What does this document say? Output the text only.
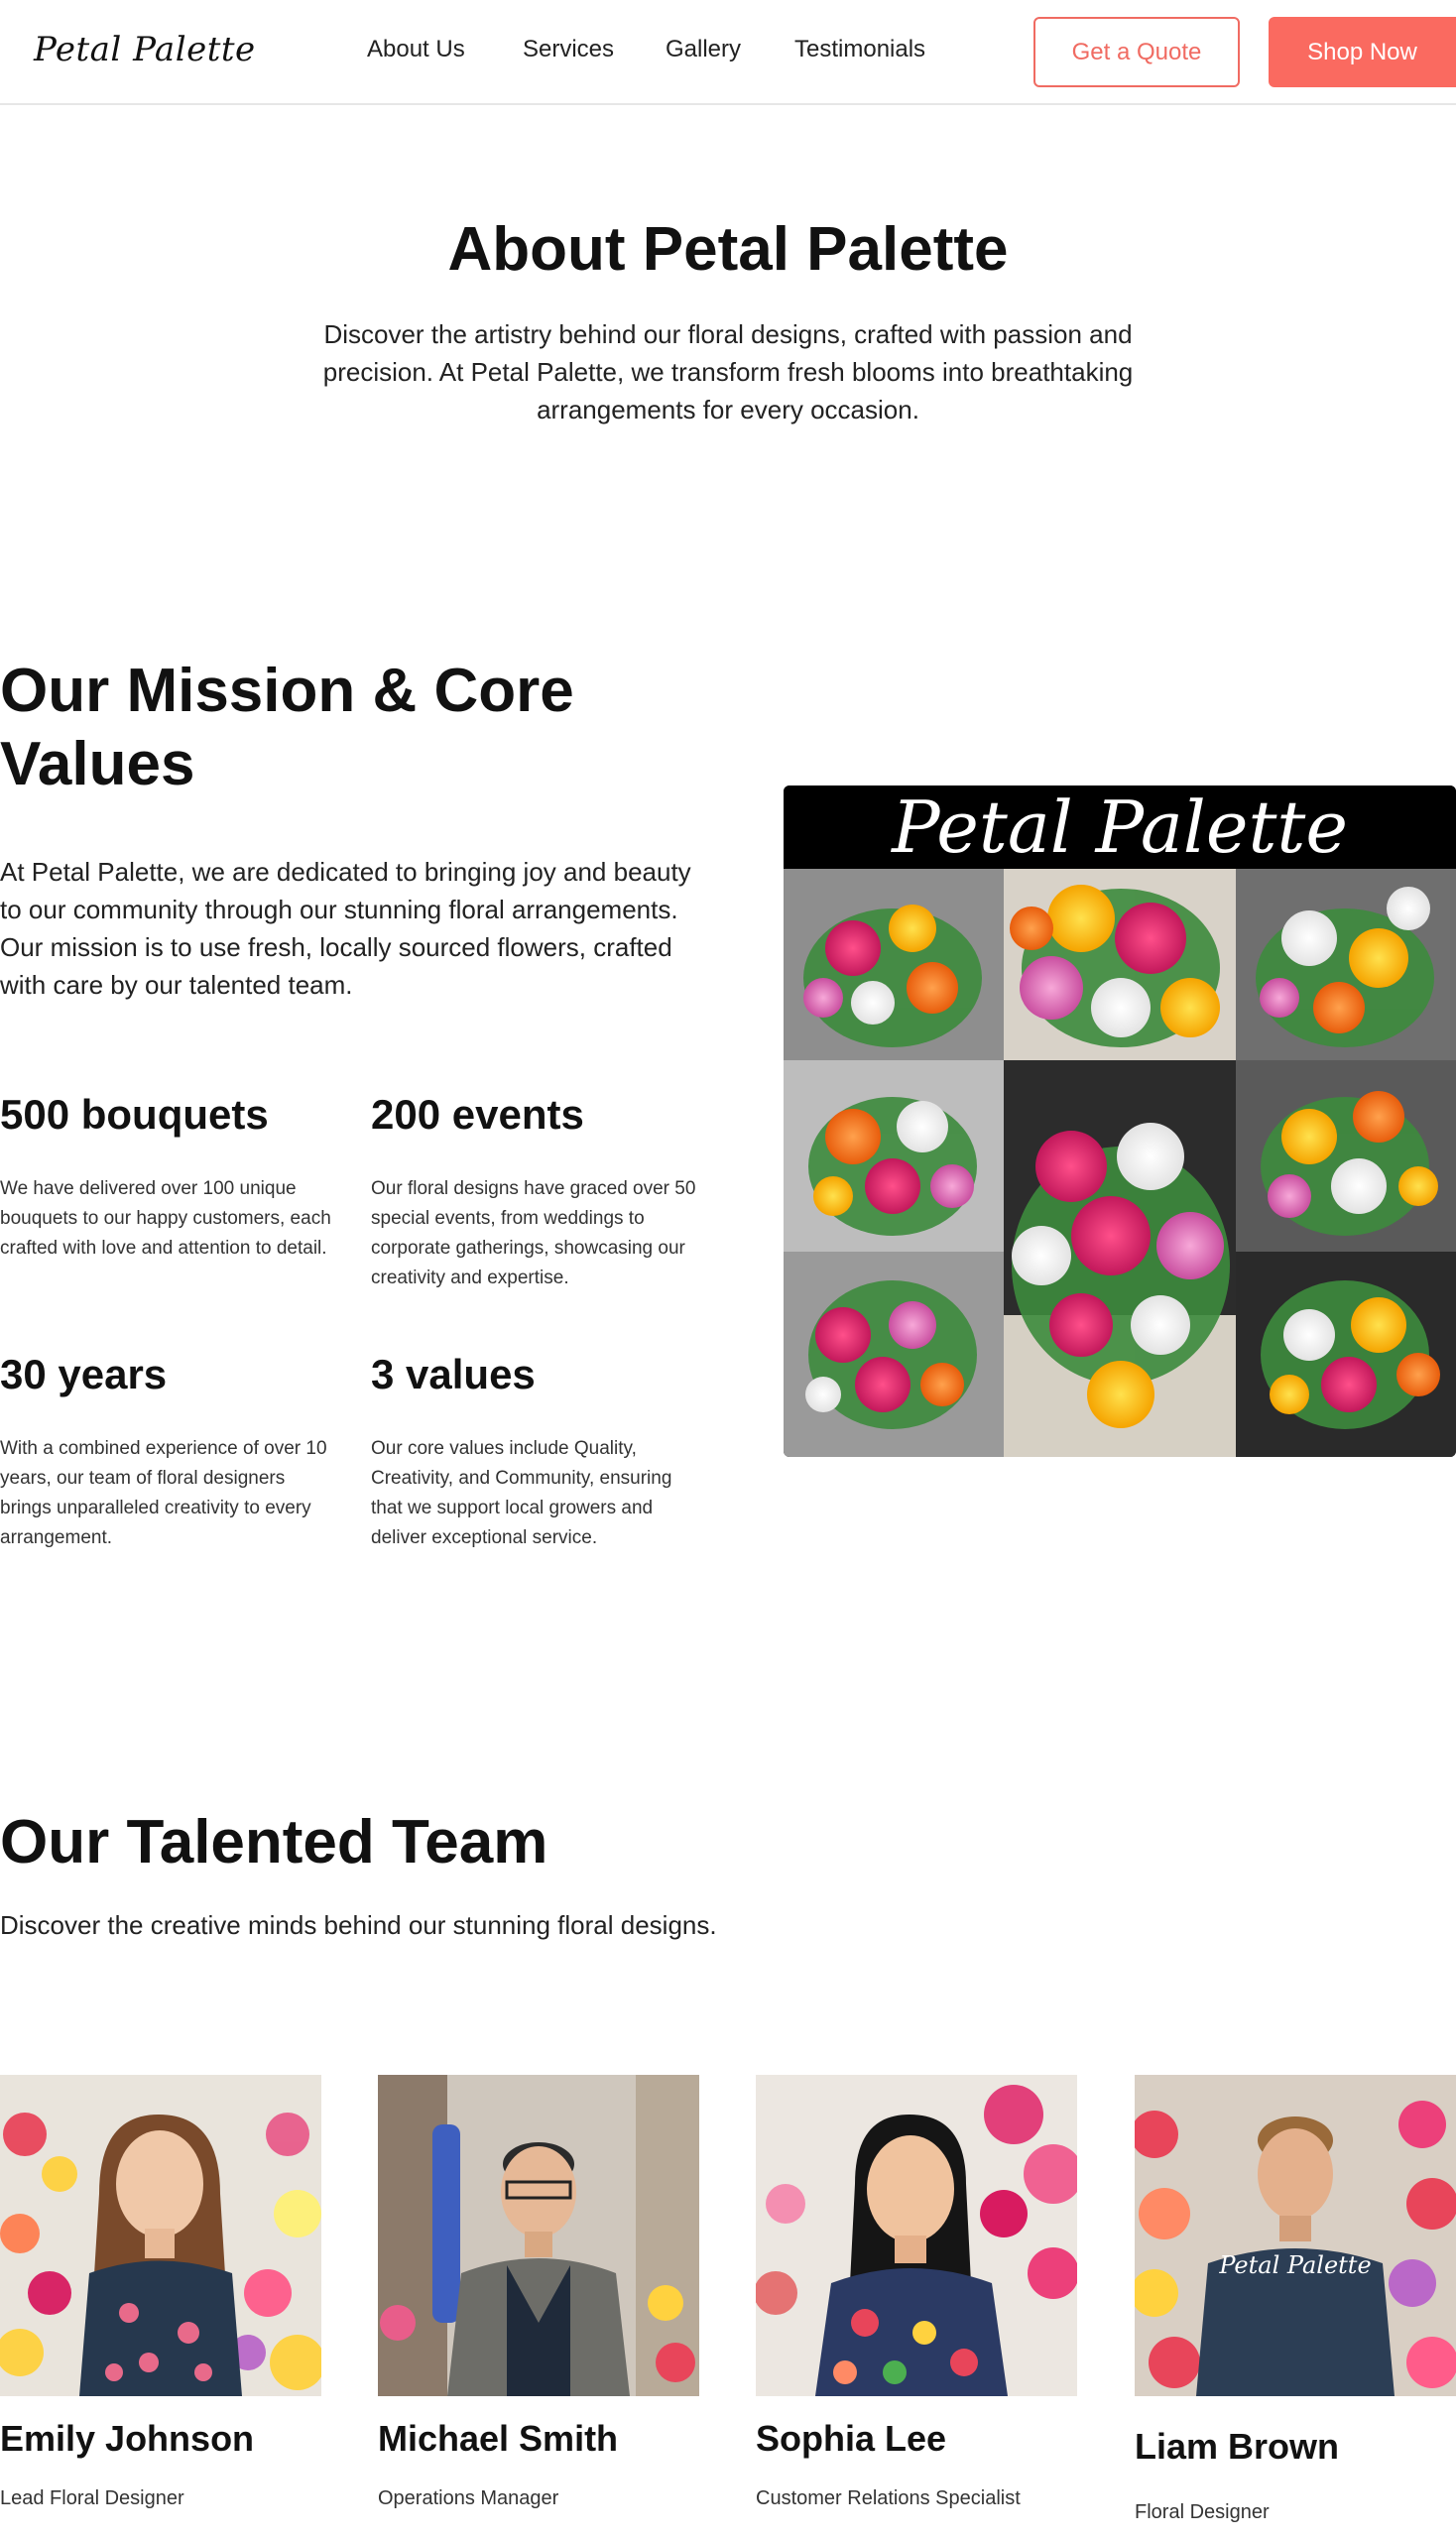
Petal Palette	About Us Services Gallery Testimonials	Get a Quote	Shop Now
About Petal Palette

Discover the artistry behind our floral designs, crafted with passion and precision. At Petal Palette, we transform fresh blooms into breathtaking arrangements for every occasion.

Our Mission & Core Values

At Petal Palette, we are dedicated to bringing joy and beauty to our community through our stunning floral arrangements. Our mission is to use fresh, locally sourced flowers, crafted with care by our talented team.

500 bouquets

We have delivered over 100 unique bouquets to our happy customers, each crafted with love and attention to detail.

200 events

Our floral designs have graced over 50 special events, from weddings to corporate gatherings, showcasing our creativity and expertise.

30 years

With a combined experience of over 10 years, our team of floral designers brings unparalleled creativity to every arrangement.

3 values

Our core values include Quality, Creativity, and Community, ensuring that we support local growers and deliver exceptional service.

Petal Palette
Our Talented Team

Discover the creative minds behind our stunning floral designs.

Petal Palette
Emily Johnson
Lead Floral Designer
Michael Smith
Operations Manager
Sophia Lee
Customer Relations Specialist
Liam Brown
Floral Designer
